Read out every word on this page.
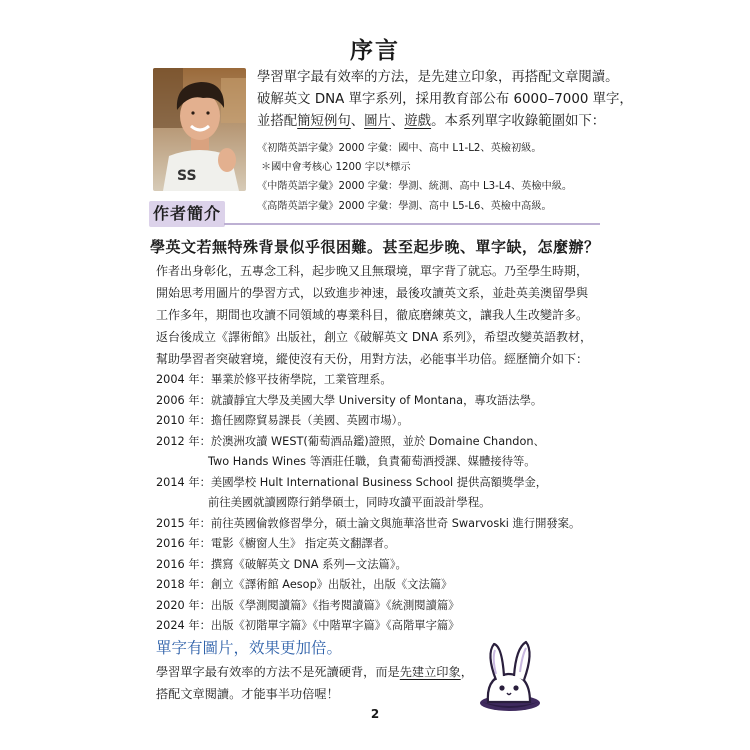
序言
SS
學習單字最有效率的方法，是先建立印象，再搭配文章閱讀。
破解英文 DNA 單字系列，採用教育部公布 6000–7000 單字，
並搭配簡短例句、圖片、遊戲。本系列單字收錄範圍如下：
《初階英語字彙》2000 字彙：國中、高中 L1-L2、英檢初級。
＊國中會考核心 1200 字以*標示
《中階英語字彙》2000 字彙：學測、統測、高中 L3-L4、英檢中級。
《高階英語字彙》2000 字彙：學測、高中 L5-L6、英檢中高級。
作者簡介
學英文若無特殊背景似乎很困難。甚至起步晚、單字缺，怎麼辦？
作者出身彰化，五專念工科，起步晚又且無環境，單字背了就忘。乃至學生時期，
開始思考用圖片的學習方式，以致進步神速，最後攻讀英文系，並赴英美澳留學與
工作多年，期間也攻讀不同領域的專業科目，徹底磨練英文，讓我人生改變許多。
返台後成立《譯術館》出版社，創立《破解英文 DNA 系列》，希望改變英語教材，
幫助學習者突破窘境，縱使沒有天份，用對方法，必能事半功倍。經歷簡介如下：
2004 年：畢業於修平技術學院，工業管理系。
2006 年：就讀靜宜大學及美國大學 University of Montana，專攻語法學。
2010 年：擔任國際貿易課長（美國、英國市場）。
2012 年：於澳洲攻讀 WEST(葡萄酒品鑑)證照，並於 Domaine Chandon、
Two Hands Wines 等酒莊任職，負責葡萄酒授課、媒體接待等。
2014 年：美國學校 Hult International Business School 提供高額獎學金，
前往美國就讀國際行銷學碩士，同時攻讀平面設計學程。
2015 年：前往英國倫敦修習學分，碩士論文與施華洛世奇 Swarvoski 進行開發案。
2016 年：電影《櫥窗人生》 指定英文翻譯者。
2016 年：撰寫《破解英文 DNA 系列—文法篇》。
2018 年：創立《譯術館 Aesop》出版社，出版《文法篇》
2020 年：出版《學測閱讀篇》《指考閱讀篇》《統測閱讀篇》
2024 年：出版《初階單字篇》《中階單字篇》《高階單字篇》
單字有圖片，效果更加倍。
學習單字最有效率的方法不是死讀硬背，而是先建立印象，
搭配文章閱讀。才能事半功倍喔！
2
